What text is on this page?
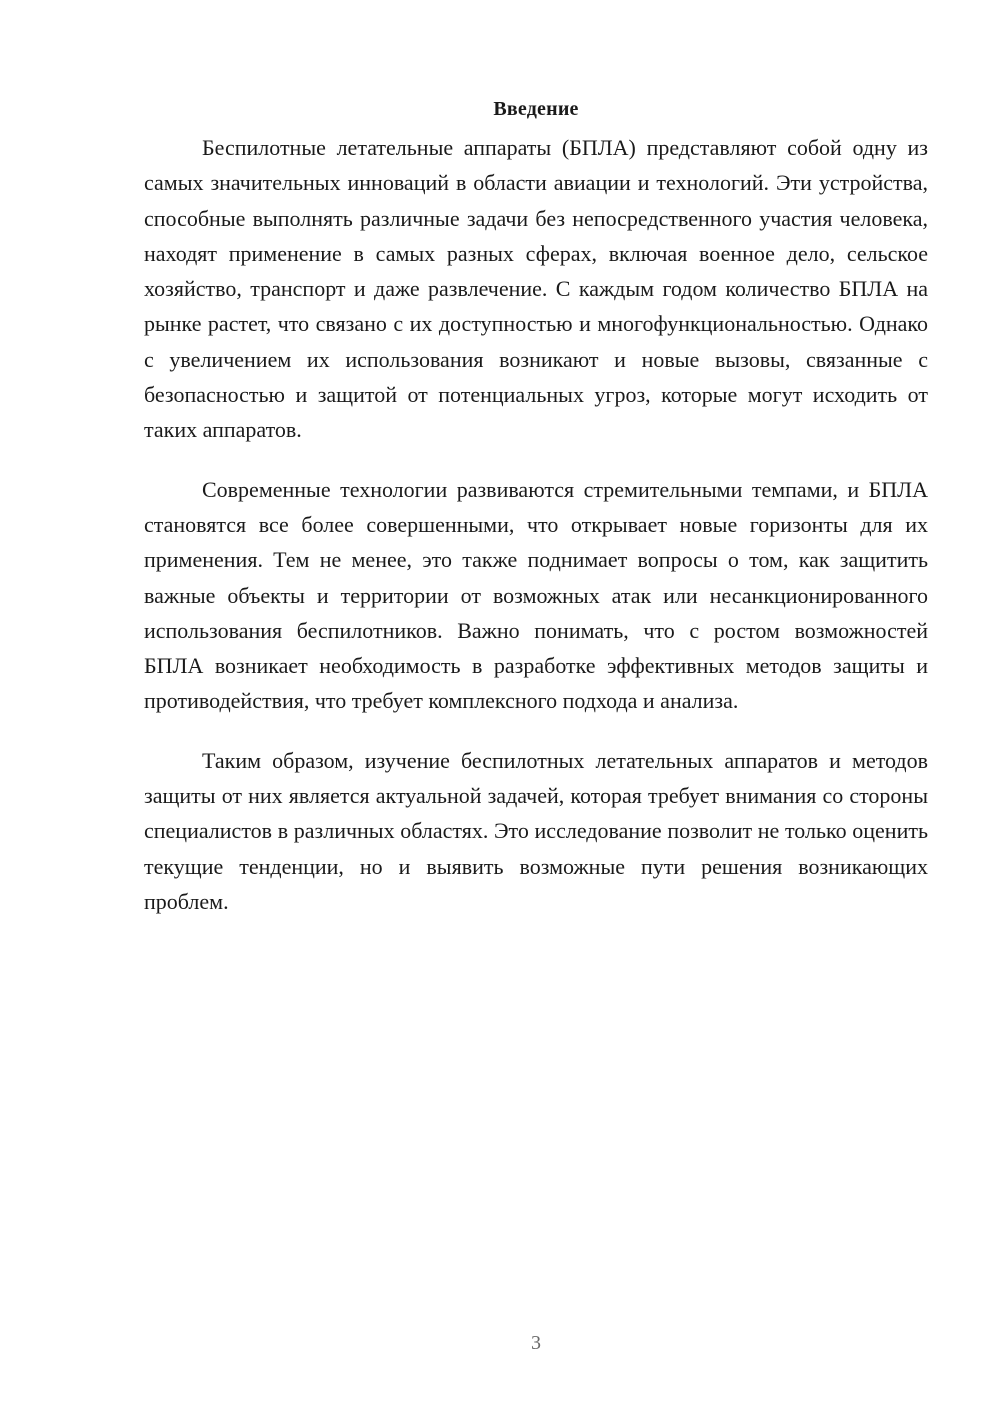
Введение

Беспилотные летательные аппараты (БПЛА) представляют собой одну из самых значительных инноваций в области авиации и технологий. Эти устройства, способные выполнять различные задачи без непосредственного участия человека, находят применение в самых разных сферах, включая военное дело, сельское хозяйство, транспорт и даже развлечение. С каждым годом количество БПЛА на рынке растет, что связано с их доступностью и многофункциональностью. Однако с увеличением их использования возникают и новые вызовы, связанные с безопасностью и защитой от потенциальных угроз, которые могут исходить от таких аппаратов.

Современные технологии развиваются стремительными темпами, и БПЛА становятся все более совершенными, что открывает новые горизонты для их применения. Тем не менее, это также поднимает вопросы о том, как защитить важные объекты и территории от возможных атак или несанкционированного использования беспилотников. Важно понимать, что с ростом возможностей БПЛА возникает необходимость в разработке эффективных методов защиты и противодействия, что требует комплексного подхода и анализа.

Таким образом, изучение беспилотных летательных аппаратов и методов защиты от них является актуальной задачей, которая требует внимания со стороны специалистов в различных областях. Это исследование позволит не только оценить текущие тенденции, но и выявить возможные пути решения возникающих проблем.

3
